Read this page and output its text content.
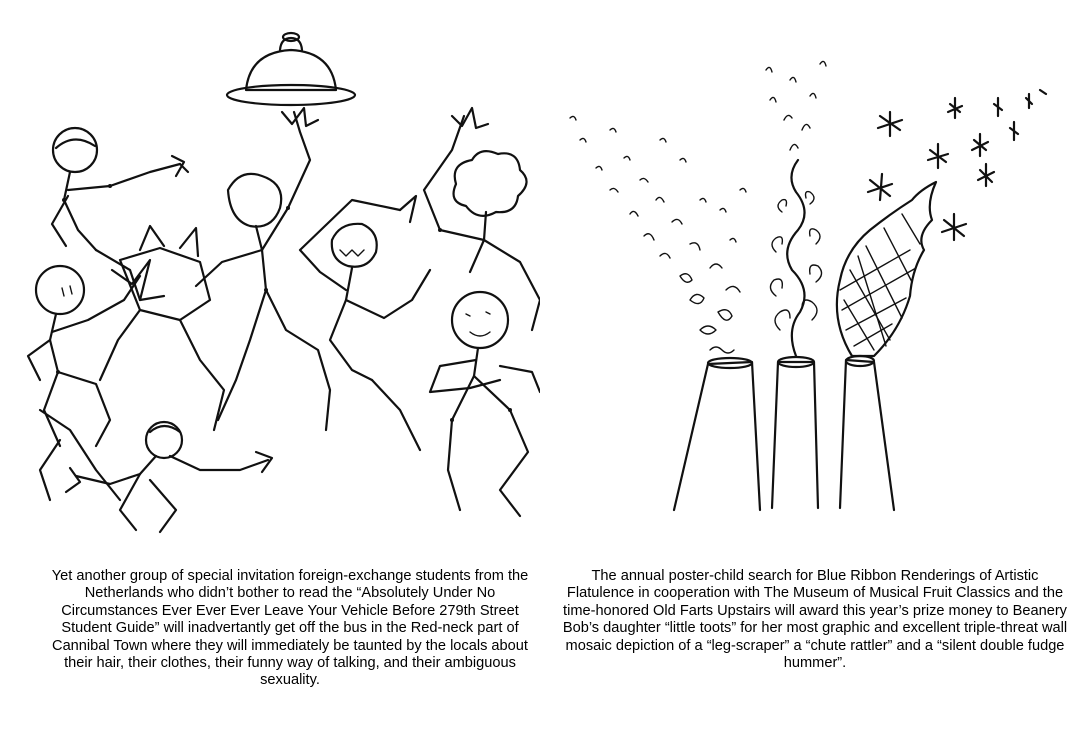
Yet another group of special invitation foreign-exchange students from the Netherlands who didn’t bother to read the “Absolutely Under No Circumstances Ever Ever Ever Leave Your Vehicle Before 279th Street Student Guide” will inadvertantly get off the bus in the Red-neck part of Cannibal Town where they will immediately be taunted by the locals about their hair, their clothes, their funny way of talking, and their ambiguous sexuality.

The annual poster-child search for Blue Ribbon Renderings of Artistic Flatulence in cooperation with The Museum of Musical Fruit Classics and the time-honored Old Farts Upstairs will award this year’s prize money to Beanery Bob’s daughter “little toots” for her most graphic and excellent triple-threat wall mosaic depiction of a “leg-scraper” a “chute rattler” and a “silent double fudge hummer”.
